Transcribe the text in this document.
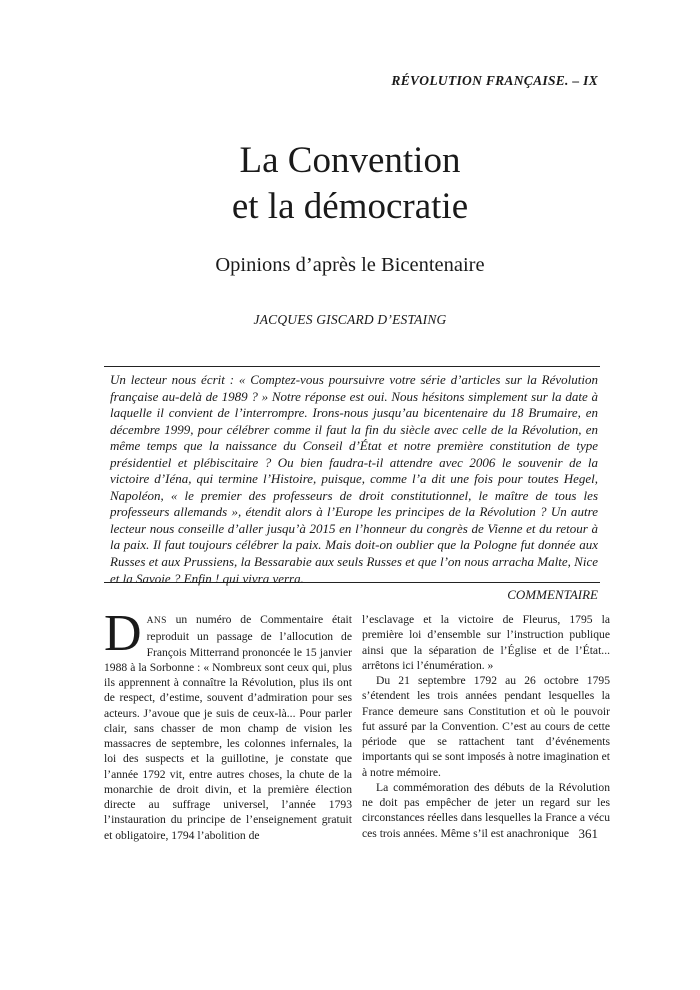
RÉVOLUTION FRANÇAISE. – IX
La Convention
et la démocratie
Opinions d’après le Bicentenaire
JACQUES GISCARD D’ESTAING

Un lecteur nous écrit : « Comptez-vous poursuivre votre série d’articles sur la Révolution française au-delà de 1989 ? » Notre réponse est oui. Nous hésitons simplement sur la date à laquelle il convient de l’interrompre. Irons-nous jusqu’au bicentenaire du 18 Brumaire, en décembre 1999, pour célébrer comme il faut la fin du siècle avec celle de la Révolution, en même temps que la naissance du Conseil d’État et notre première constitution de type présidentiel et plébiscitaire ? Ou bien faudra-t-il attendre avec 2006 le souvenir de la victoire d’Iéna, qui termine l’Histoire, puisque, comme l’a dit une fois pour toutes Hegel, Napoléon, « le premier des professeurs de droit constitutionnel, le maître de tous les professeurs allemands », étendit alors à l’Europe les principes de la Révolution ? Un autre lecteur nous conseille d’aller jusqu’à 2015 en l’honneur du congrès de Vienne et du retour à la paix. Il faut toujours célébrer la paix. Mais doit-on oublier que la Pologne fut donnée aux Russes et aux Prussiens, la Bessarabie aux seuls Russes et que l’on nous arracha Malte, Nice et la Savoie ? Enfin ! qui vivra verra.

COMMENTAIRE

DANS un numéro de Commentaire était reproduit un passage de l’allocution de François Mitterrand prononcée le 15 janvier 1988 à la Sorbonne : « Nombreux sont ceux qui, plus ils apprennent à connaître la Révolution, plus ils ont de respect, d’estime, souvent d’admiration pour ses acteurs. J’avoue que je suis de ceux-là... Pour parler clair, sans chasser de mon champ de vision les massacres de septembre, les colonnes infernales, la loi des suspects et la guillotine, je constate que l’année 1792 vit, entre autres choses, la chute de la monarchie de droit divin, et la première élection directe au suffrage universel, l’année 1793 l’instauration du principe de l’enseignement gratuit et obligatoire, 1794 l’abolition de

l’esclavage et la victoire de Fleurus, 1795 la première loi d’ensemble sur l’instruction publique ainsi que la séparation de l’Église et de l’État... arrêtons ici l’énumération. »

Du 21 septembre 1792 au 26 octobre 1795 s’étendent les trois années pendant lesquelles la France demeure sans Constitution et où le pouvoir fut assuré par la Convention. C’est au cours de cette période que se rattachent tant d’événements importants qui se sont imposés à notre imagination et à notre mémoire.

La commémoration des débuts de la Révolution ne doit pas empêcher de jeter un regard sur les circonstances réelles dans lesquelles la France a vécu ces trois années. Même s’il est anachronique 361
